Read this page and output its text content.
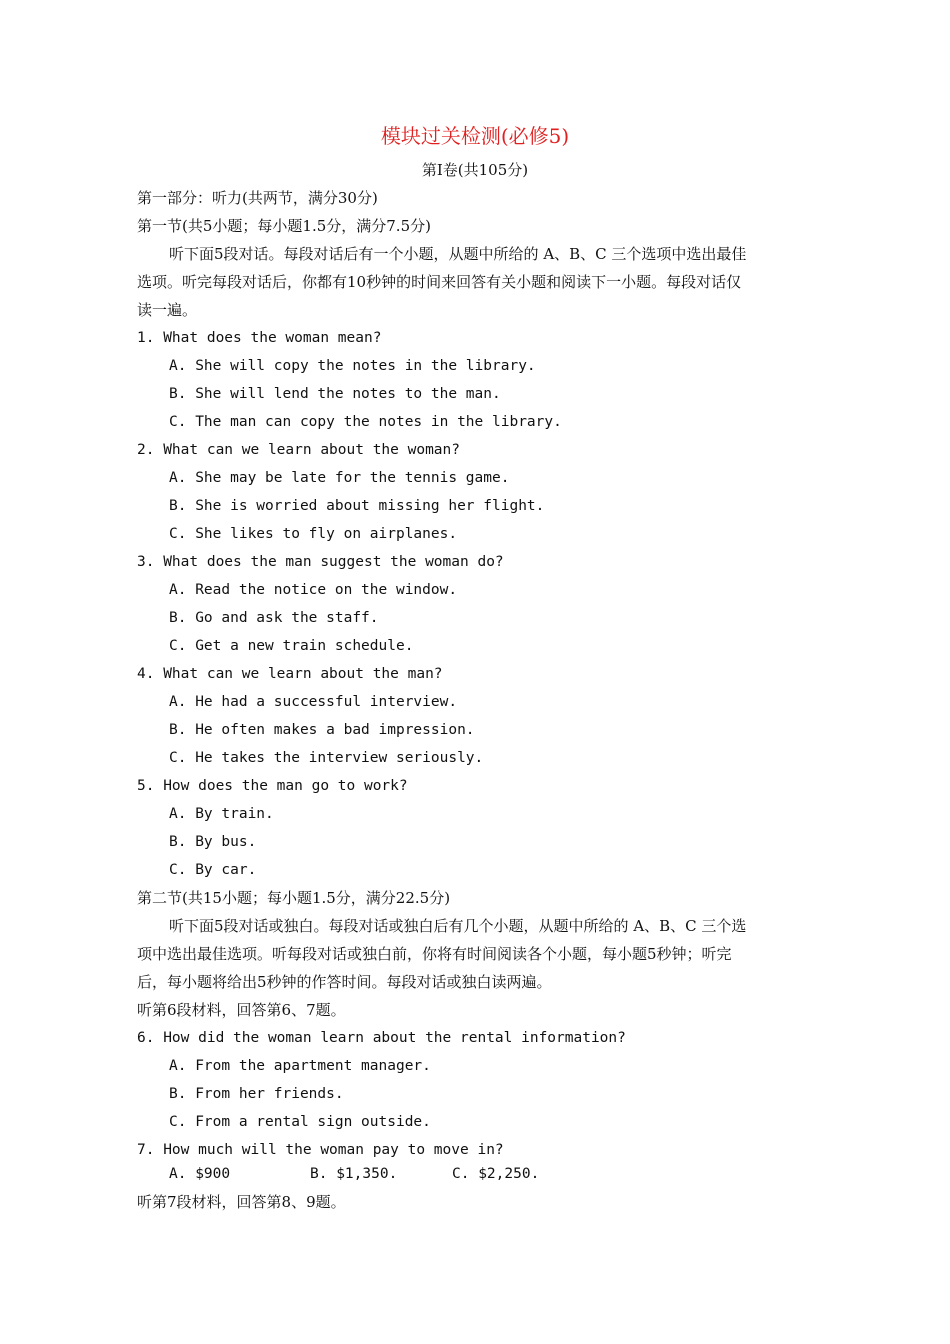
模块过关检测(必修5)
第Ⅰ卷(共105分)
第一部分：听力(共两节，满分30分)
第一节(共5小题；每小题1.5分，满分7.5分)
听下面5段对话。每段对话后有一个小题，从题中所给的 A、B、C 三个选项中选出最佳
选项。听完每段对话后，你都有10秒钟的时间来回答有关小题和阅读下一小题。每段对话仅
读一遍。
1. What does the woman mean?
A. She will copy the notes in the library.
B. She will lend the notes to the man.
C. The man can copy the notes in the library.
2. What can we learn about the woman?
A. She may be late for the tennis game.
B. She is worried about missing her flight.
C. She likes to fly on airplanes.
3. What does the man suggest the woman do?
A. Read the notice on the window.
B. Go and ask the staff.
C. Get a new train schedule.
4. What can we learn about the man?
A. He had a successful interview.
B. He often makes a bad impression.
C. He takes the interview seriously.
5. How does the man go to work?
A. By train.
B. By bus.
C. By car.
第二节(共15小题；每小题1.5分，满分22.5分)
听下面5段对话或独白。每段对话或独白后有几个小题，从题中所给的 A、B、C 三个选
项中选出最佳选项。听每段对话或独白前，你将有时间阅读各个小题，每小题5秒钟；听完
后，每小题将给出5秒钟的作答时间。每段对话或独白读两遍。
听第6段材料，回答第6、7题。
6. How did the woman learn about the rental information?
A. From the apartment manager.
B. From her friends.
C. From a rental sign outside.
7. How much will the woman pay to move in?
A. $900	B. $1,350.	C. $2,250.
听第7段材料，回答第8、9题。
